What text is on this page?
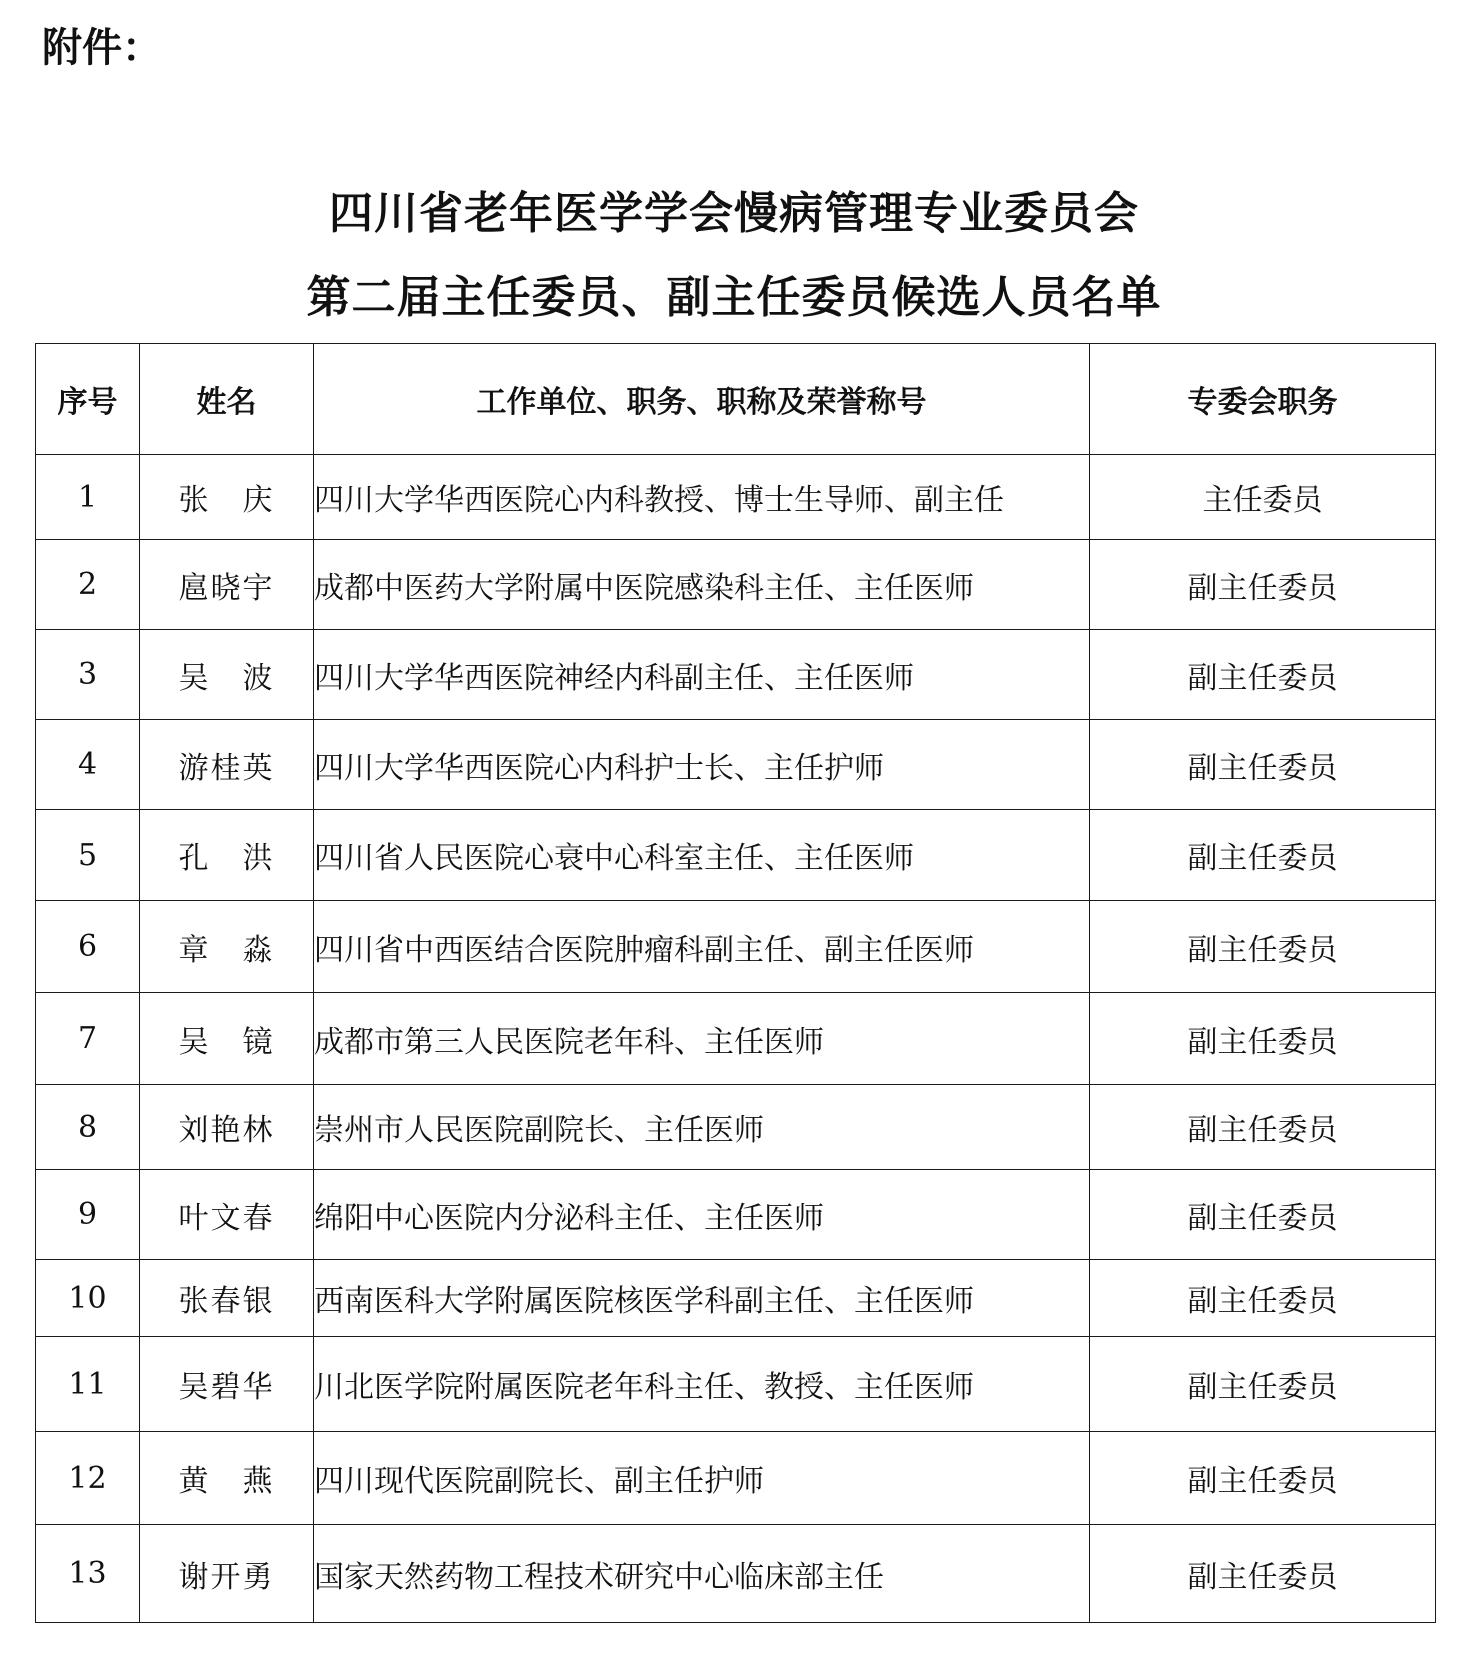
附件：
四川省老年医学学会慢病管理专业委员会
第二届主任委员、副主任委员候选人员名单
序号	姓名	工作单位、职务、职称及荣誉称号	专委会职务
1	张　庆	四川大学华西医院心内科教授、博士生导师、副主任	主任委员
2	扈晓宇	成都中医药大学附属中医院感染科主任、主任医师	副主任委员
3	吴　波	四川大学华西医院神经内科副主任、主任医师	副主任委员
4	游桂英	四川大学华西医院心内科护士长、主任护师	副主任委员
5	孔　洪	四川省人民医院心衰中心科室主任、主任医师	副主任委员
6	章　淼	四川省中西医结合医院肿瘤科副主任、副主任医师	副主任委员
7	吴　镜	成都市第三人民医院老年科、主任医师	副主任委员
8	刘艳林	崇州市人民医院副院长、主任医师	副主任委员
9	叶文春	绵阳中心医院内分泌科主任、主任医师	副主任委员
10	张春银	西南医科大学附属医院核医学科副主任、主任医师	副主任委员
11	吴碧华	川北医学院附属医院老年科主任、教授、主任医师	副主任委员
12	黄　燕	四川现代医院副院长、副主任护师	副主任委员
13	谢开勇	国家天然药物工程技术研究中心临床部主任	副主任委员
